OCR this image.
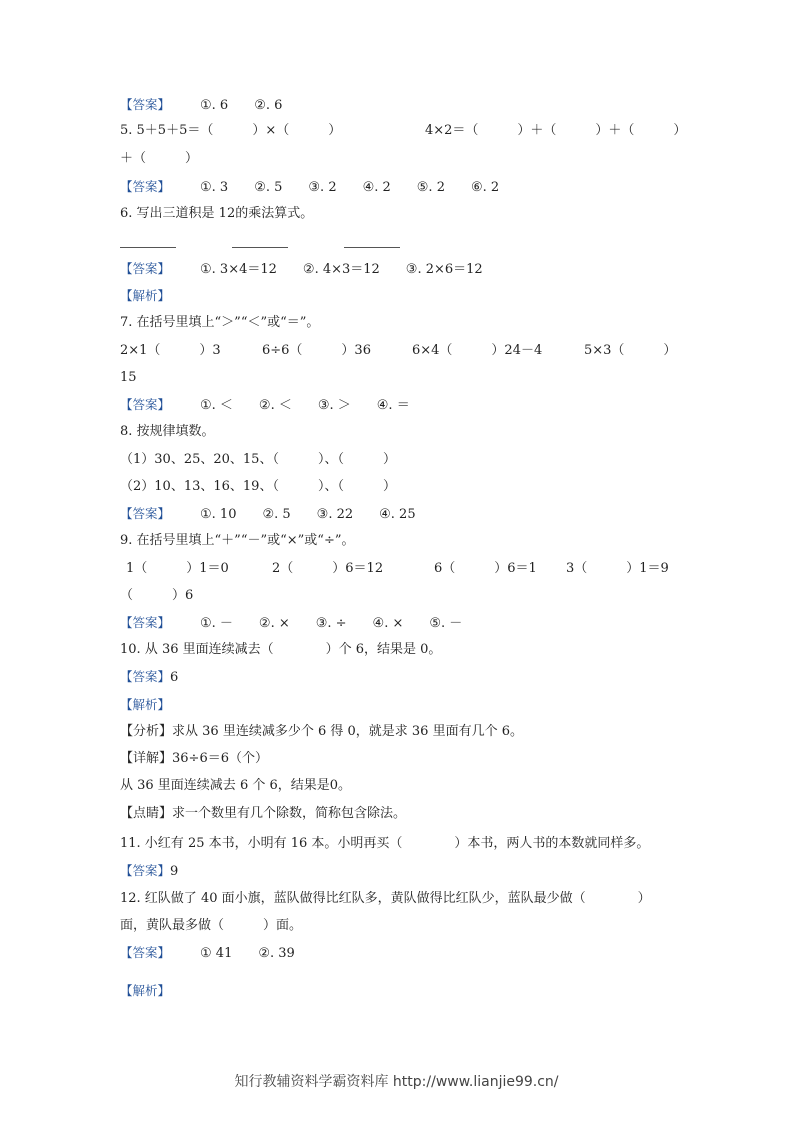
【答案】 ①. 6　　②. 6
5. 5＋5＋5＝（　　　）×（　　　）	4×2＝（　　　）＋（　　　）＋（　　　）
＋（　　　）
【答案】 ①. 3　　②. 5　　③. 2　　④. 2　　⑤. 2　　⑥. 2
6. 写出三道积是 12的乘法算式。
【答案】 ①. 3×4＝12　　②. 4×3＝12　　③. 2×6＝12
【解析】
7. 在括号里填上“＞”“＜”或“＝”。
2×1（　　　）3	6÷6（　　　）36	6×4（　　　）24－4	5×3（　　　）
15
【答案】 ①. ＜　　②. ＜　　③. ＞　　④. ＝
8. 按规律填数。
（1）30、25、20、15、（　　　）、（　　　）
（2）10、13、16、19、（　　　）、（　　　）
【答案】 ①. 10　　②. 5　　③. 22　　④. 25
9. 在括号里填上“＋”“－”或“×”或“÷”。
1（　　　）1＝0	2（　　　）6＝12	6（　　　）6＝1 3（　　　）1＝9
（　　　）6
【答案】 ①. －　　②. ×　　③. ÷　　④. ×　　⑤. －
10. 从 36 里面连续减去（　　　　）个 6，结果是 0。
【答案】6
【解析】
【分析】求从 36 里连续减多少个 6 得 0，就是求 36 里面有几个 6。
【详解】36÷6＝6（个）
从 36 里面连续减去 6 个 6，结果是0。
【点睛】求一个数里有几个除数，简称包含除法。
11. 小红有 25 本书，小明有 16 本。小明再买（　　　　）本书，两人书的本数就同样多。
【答案】9
12. 红队做了 40 面小旗，蓝队做得比红队多，黄队做得比红队少，蓝队最少做（　　　　）
面，黄队最多做（　　　）面。
【答案】 ① 41　　②. 39
【解析】
知行教辅资料学霸资料库 http://www.lianjie99.cn/
